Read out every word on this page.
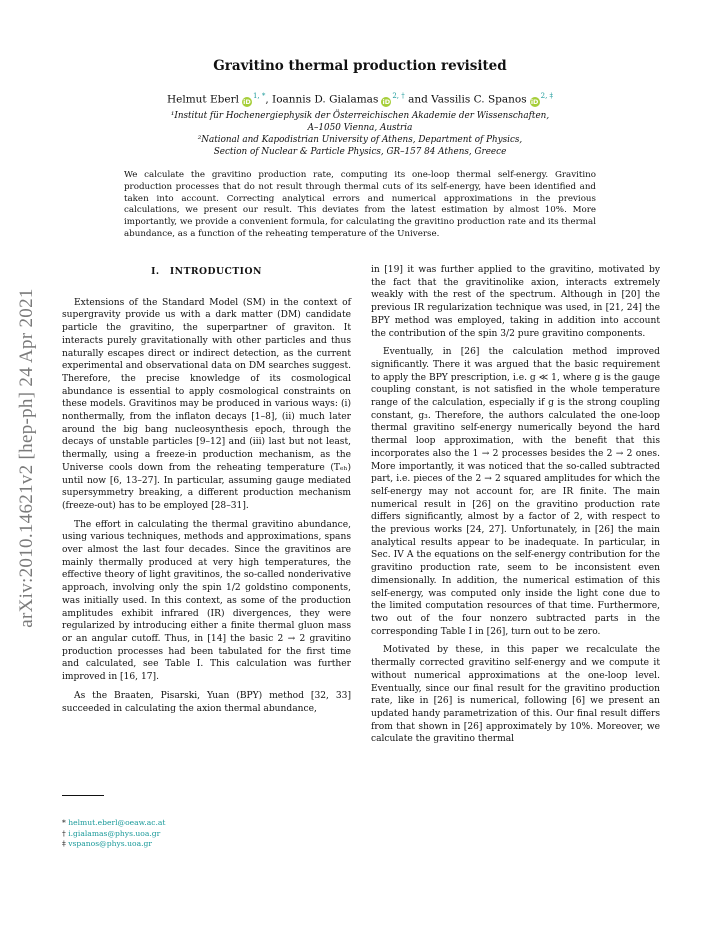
arXiv:2010.14621v2 [hep-ph] 24 Apr 2021
Gravitino thermal production revisited
Helmut Eberl $iD^{1, *}$, Ioannis D. Gialamas $iD^{2, \dagger}$ and Vassilis C. Spanos $iD^{2, \ddagger}$
¹Institut für Hochenergiephysik der Österreichischen Akademie der Wissenschaften,
A–1050 Vienna, Austria
²National and Kapodistrian University of Athens, Department of Physics,
Section of Nuclear & Particle Physics, GR–157 84 Athens, Greece
We calculate the gravitino production rate, computing its one-loop thermal self-energy. Gravitino production processes that do not result through thermal cuts of its self-energy, have been identified and taken into account. Correcting analytical errors and numerical approximations in the previous calculations, we present our result. This deviates from the latest estimation by almost 10%. More importantly, we provide a convenient formula, for calculating the gravitino production rate and its thermal abundance, as a function of the reheating temperature of the Universe.
I. INTRODUCTION

Extensions of the Standard Model (SM) in the context of supergravity provide us with a dark matter (DM) candidate particle the gravitino, the superpartner of graviton. It interacts purely gravitationally with other particles and thus naturally escapes direct or indirect detection, as the current experimental and observational data on DM searches suggest. Therefore, the precise knowledge of its cosmological abundance is essential to apply cosmological constraints on these models. Gravitinos may be produced in various ways: (i) nonthermally, from the inflaton decays [1–8], (ii) much later around the big bang nucleosynthesis epoch, through the decays of unstable particles [9–12] and (iii) last but not least, thermally, using a freeze-in production mechanism, as the Universe cools down from the reheating temperature (Tₑₕ) until now [6, 13–27]. In particular, assuming gauge mediated supersymmetry breaking, a different production mechanism (freeze-out) has to be employed [28–31].

The effort in calculating the thermal gravitino abundance, using various techniques, methods and approximations, spans over almost the last four decades. Since the gravitinos are mainly thermally produced at very high temperatures, the effective theory of light gravitinos, the so-called nonderivative approach, involving only the spin 1/2 goldstino components, was initially used. In this context, as some of the production amplitudes exhibit infrared (IR) divergences, they were regularized by introducing either a finite thermal gluon mass or an angular cutoff. Thus, in [14] the basic 2 → 2 gravitino production processes had been tabulated for the first time and calculated, see Table I. This calculation was further improved in [16, 17].

As the Braaten, Pisarski, Yuan (BPY) method [32, 33] succeeded in calculating the axion thermal abundance,

in [19] it was further applied to the gravitino, motivated by the fact that the gravitinolike axion, interacts extremely weakly with the rest of the spectrum. Although in [20] the previous IR regularization technique was used, in [21, 24] the BPY method was employed, taking in addition into account the contribution of the spin 3/2 pure gravitino components.

Eventually, in [26] the calculation method improved significantly. There it was argued that the basic requirement to apply the BPY prescription, i.e. g ≪ 1, where g is the gauge coupling constant, is not satisfied in the whole temperature range of the calculation, especially if g is the strong coupling constant, g₃. Therefore, the authors calculated the one-loop thermal gravitino self-energy numerically beyond the hard thermal loop approximation, with the benefit that this incorporates also the 1 → 2 processes besides the 2 → 2 ones. More importantly, it was noticed that the so-called subtracted part, i.e. pieces of the 2 → 2 squared amplitudes for which the self-energy may not account for, are IR finite. The main numerical result in [26] on the gravitino production rate differs significantly, almost by a factor of 2, with respect to the previous works [24, 27]. Unfortunately, in [26] the main analytical results appear to be inadequate. In particular, in Sec. IV A the equations on the self-energy contribution for the gravitino production rate, seem to be inconsistent even dimensionally. In addition, the numerical estimation of this self-energy, was computed only inside the light cone due to the limited computation resources of that time. Furthermore, two out of the four nonzero subtracted parts in the corresponding Table I in [26], turn out to be zero.

Motivated by these, in this paper we recalculate the thermally corrected gravitino self-energy and we compute it without numerical approximations at the one-loop level. Eventually, since our final result for the gravitino production rate, like in [26] is numerical, following [6] we present an updated handy parametrization of this. Our final result differs from that shown in [26] approximately by 10%. Moreover, we calculate the gravitino thermal

* helmut.eberl@oeaw.ac.at
† i.gialamas@phys.uoa.gr
‡ vspanos@phys.uoa.gr
